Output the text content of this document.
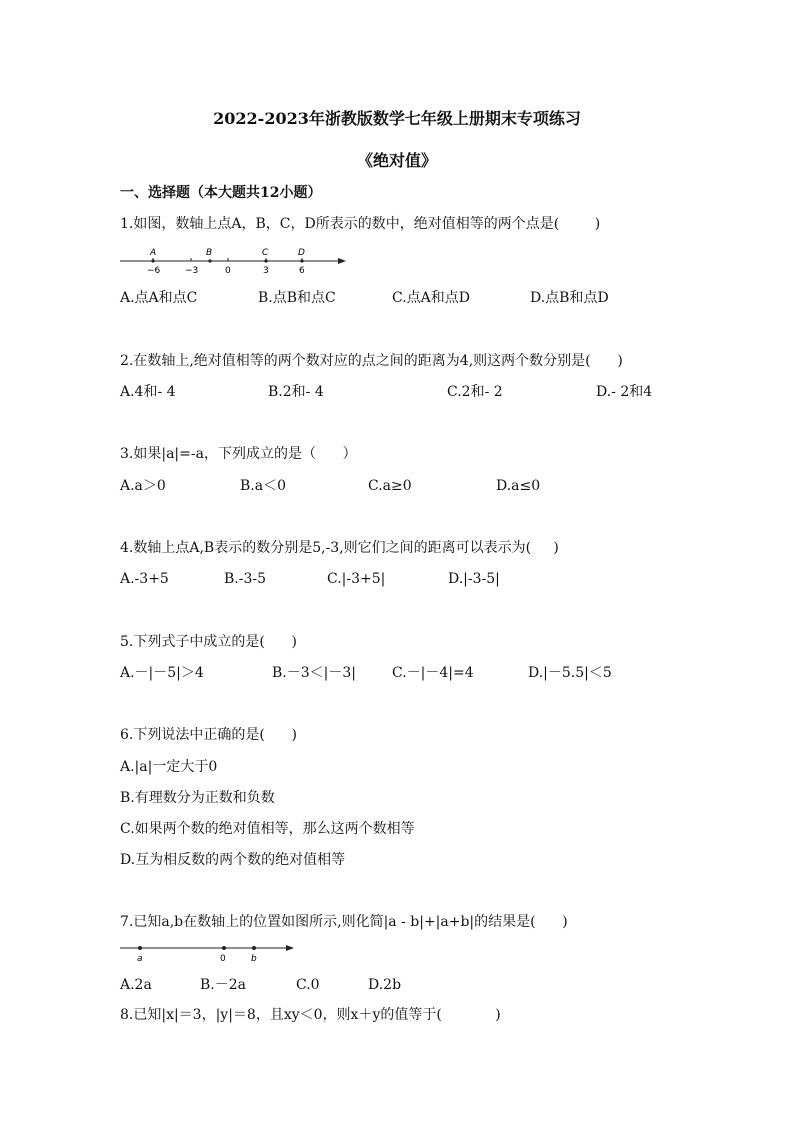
2022-2023年浙教版数学七年级上册期末专项练习
《绝对值》
一、选择题（本大题共12小题）
1.如图，数轴上点A，B，C，D所表示的数中，绝对值相等的两个点是(        )
A	B	C	D
−6	−3	0	3	6
A.点A和点C	B.点B和点C	C.点A和点D	D.点B和点D
2.在数轴上,绝对值相等的两个数对应的点之间的距离为4,则这两个数分别是(      )
A.4和- 4	B.2和- 4	C.2和- 2	D.- 2和4
3.如果|a|=-a，下列成立的是（      ）
A.a＞0	B.a＜0	C.a≥0	D.a≤0
4.数轴上点A,B表示的数分别是5,-3,则它们之间的距离可以表示为(     )
A.-3+5	B.-3-5	C.|-3+5|	D.|-3-5|
5.下列式子中成立的是(      )
A.－|－5|＞4	B.－3＜|－3|	C.－|－4|=4	D.|－5.5|＜5
6.下列说法中正确的是(      )
A.|a|一定大于0
B.有理数分为正数和负数
C.如果两个数的绝对值相等，那么这两个数相等
D.互为相反数的两个数的绝对值相等
7.已知a,b在数轴上的位置如图所示,则化简|a - b|+|a+b|的结果是(      )
a	0	b
A.2a	B.－2a	C.0	D.2b
8.已知|x|＝3，|y|＝8，且xy＜0，则x＋y的值等于(            )
